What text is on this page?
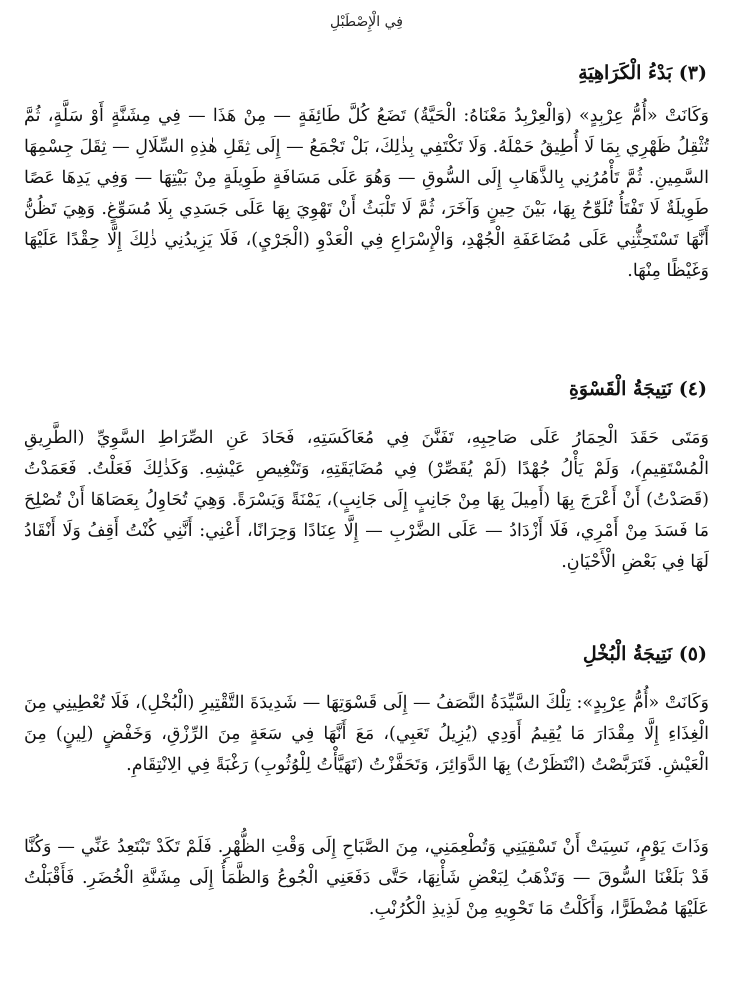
فِي الْإِصْطَبْلِ
(٣) بَدْءُ الْكَرَاهِيَةِ

وَكَانَتْ «أُمُّ عِرْبِدٍ» (وَالْعِرْبِدُ مَعْنَاهُ: الْحَيَّةُ) تَضَعُ كُلَّ طَائِفَةٍ — مِنْ هَذَا — فِي مِشَنَّةٍ أَوْ سَلَّةٍ، ثُمَّ تُثْقِلُ ظَهْرِي بِمَا لَا أُطِيقُ حَمْلَهُ. وَلَا تَكْتَفِي بِذٰلِكَ، بَلْ تَجْمَعُ — إِلَى ثِقَلِ هٰذِهِ السِّلَالِ — ثِقَلَ جِسْمِهَا السَّمِينِ. ثُمَّ تَأْمُرُنِي بِالذَّهَابِ إِلَى السُّوقِ — وَهُوَ عَلَى مَسَافَةٍ طَوِيلَةٍ مِنْ بَيْتِهَا — وَفِي يَدِهَا عَصًا طَوِيلَةٌ لَا تَفْتَأُ تُلَوِّحُ بِهَا، بَيْنَ حِينٍ وَآخَرَ، ثُمَّ لَا تَلْبَثُ أَنْ تَهْوِيَ بِهَا عَلَى جَسَدِي بِلَا مُسَوِّغٍ. وَهِيَ تَظُنُّ أَنَّهَا تَسْتَحِثُّنِي عَلَى مُضَاعَفَةِ الْجُهْدِ، وَالْإِسْرَاعِ فِي الْعَدْوِ (الْجَرْيِ)، فَلَا يَزِيدُنِي ذٰلِكَ إِلَّا حِقْدًا عَلَيْهَا وَغَيْظًا مِنْهَا.

(٤) نَتِيجَةُ الْقَسْوَةِ

وَمَتَى حَقَدَ الْحِمَارُ عَلَى صَاحِبِهِ، تَفَنَّنَ فِي مُعَاكَسَتِهِ، فَحَادَ عَنِ الصِّرَاطِ السَّوِيِّ (الطَّرِيقِ الْمُسْتَقِيمِ)، وَلَمْ يَأْلُ جُهْدًا (لَمْ يُقَصِّرْ) فِي مُضَايَقَتِهِ، وَتَنْغِيصِ عَيْشِهِ. وَكَذٰلِكَ فَعَلْتُ. فَعَمَدْتُ (قَصَدْتُ) أَنْ أَعْرَجَ بِهَا (أَمِيلَ بِهَا مِنْ جَانِبٍ إِلَى جَانِبٍ)، يَمْنَةً وَيَسْرَةً. وَهِيَ تُحَاوِلُ بِعَصَاهَا أَنْ تُصْلِحَ مَا فَسَدَ مِنْ أَمْرِي، فَلَا أَزْدَادُ — عَلَى الضَّرْبِ — إِلَّا عِنَادًا وَحِرَانًا، أَعْنِي: أَنَّنِي كُنْتُ أَقِفُ وَلَا أَنْقَادُ لَهَا فِي بَعْضِ الْأَحْيَانِ.

(٥) نَتِيجَةُ الْبُخْلِ

وَكَانَتْ «أُمُّ عِرْبِدٍ»: تِلْكَ السَّيِّدَةُ النَّصَفُ — إِلَى قَسْوَتِهَا — شَدِيدَةَ التَّقْتِيرِ (الْبُخْلِ)، فَلَا تُعْطِينِي مِنَ الْغِذَاءِ إِلَّا مِقْدَارَ مَا يُقِيمُ أَوَدِي (يُزِيلُ تَعَبِي)، مَعَ أَنَّهَا فِي سَعَةٍ مِنَ الرِّزْقِ، وَخَفْضٍ (لِينٍ) مِنَ الْعَيْشِ. فَتَرَبَّصْتُ (انْتَظَرْتُ) بِهَا الدَّوَائِرَ، وَتَحَفَّزْتُ (تَهَيَّأْتُ لِلْوُثُوبِ) رَغْبَةً فِي الِانْتِقَامِ.

وَذَاتَ يَوْمٍ، نَسِيَتْ أَنْ تَسْقِيَنِي وَتُطْعِمَنِي، مِنَ الصَّبَاحِ إِلَى وَقْتِ الظُّهْرِ. فَلَمْ تَكَدْ تَبْتَعِدُ عَنِّي — وَكُنَّا قَدْ بَلَغْنَا السُّوقَ — وَتَذْهَبُ لِبَعْضِ شَأْنِهَا، حَتَّى دَفَعَنِي الْجُوعُ وَالظَّمَأُ إِلَى مِشَنَّةِ الْخُضَرِ. فَأَقْبَلْتُ عَلَيْهَا مُضْطَرًّا، وَأَكَلْتُ مَا تَحْوِيهِ مِنْ لَذِيذِ الْكُرُنْبِ.
